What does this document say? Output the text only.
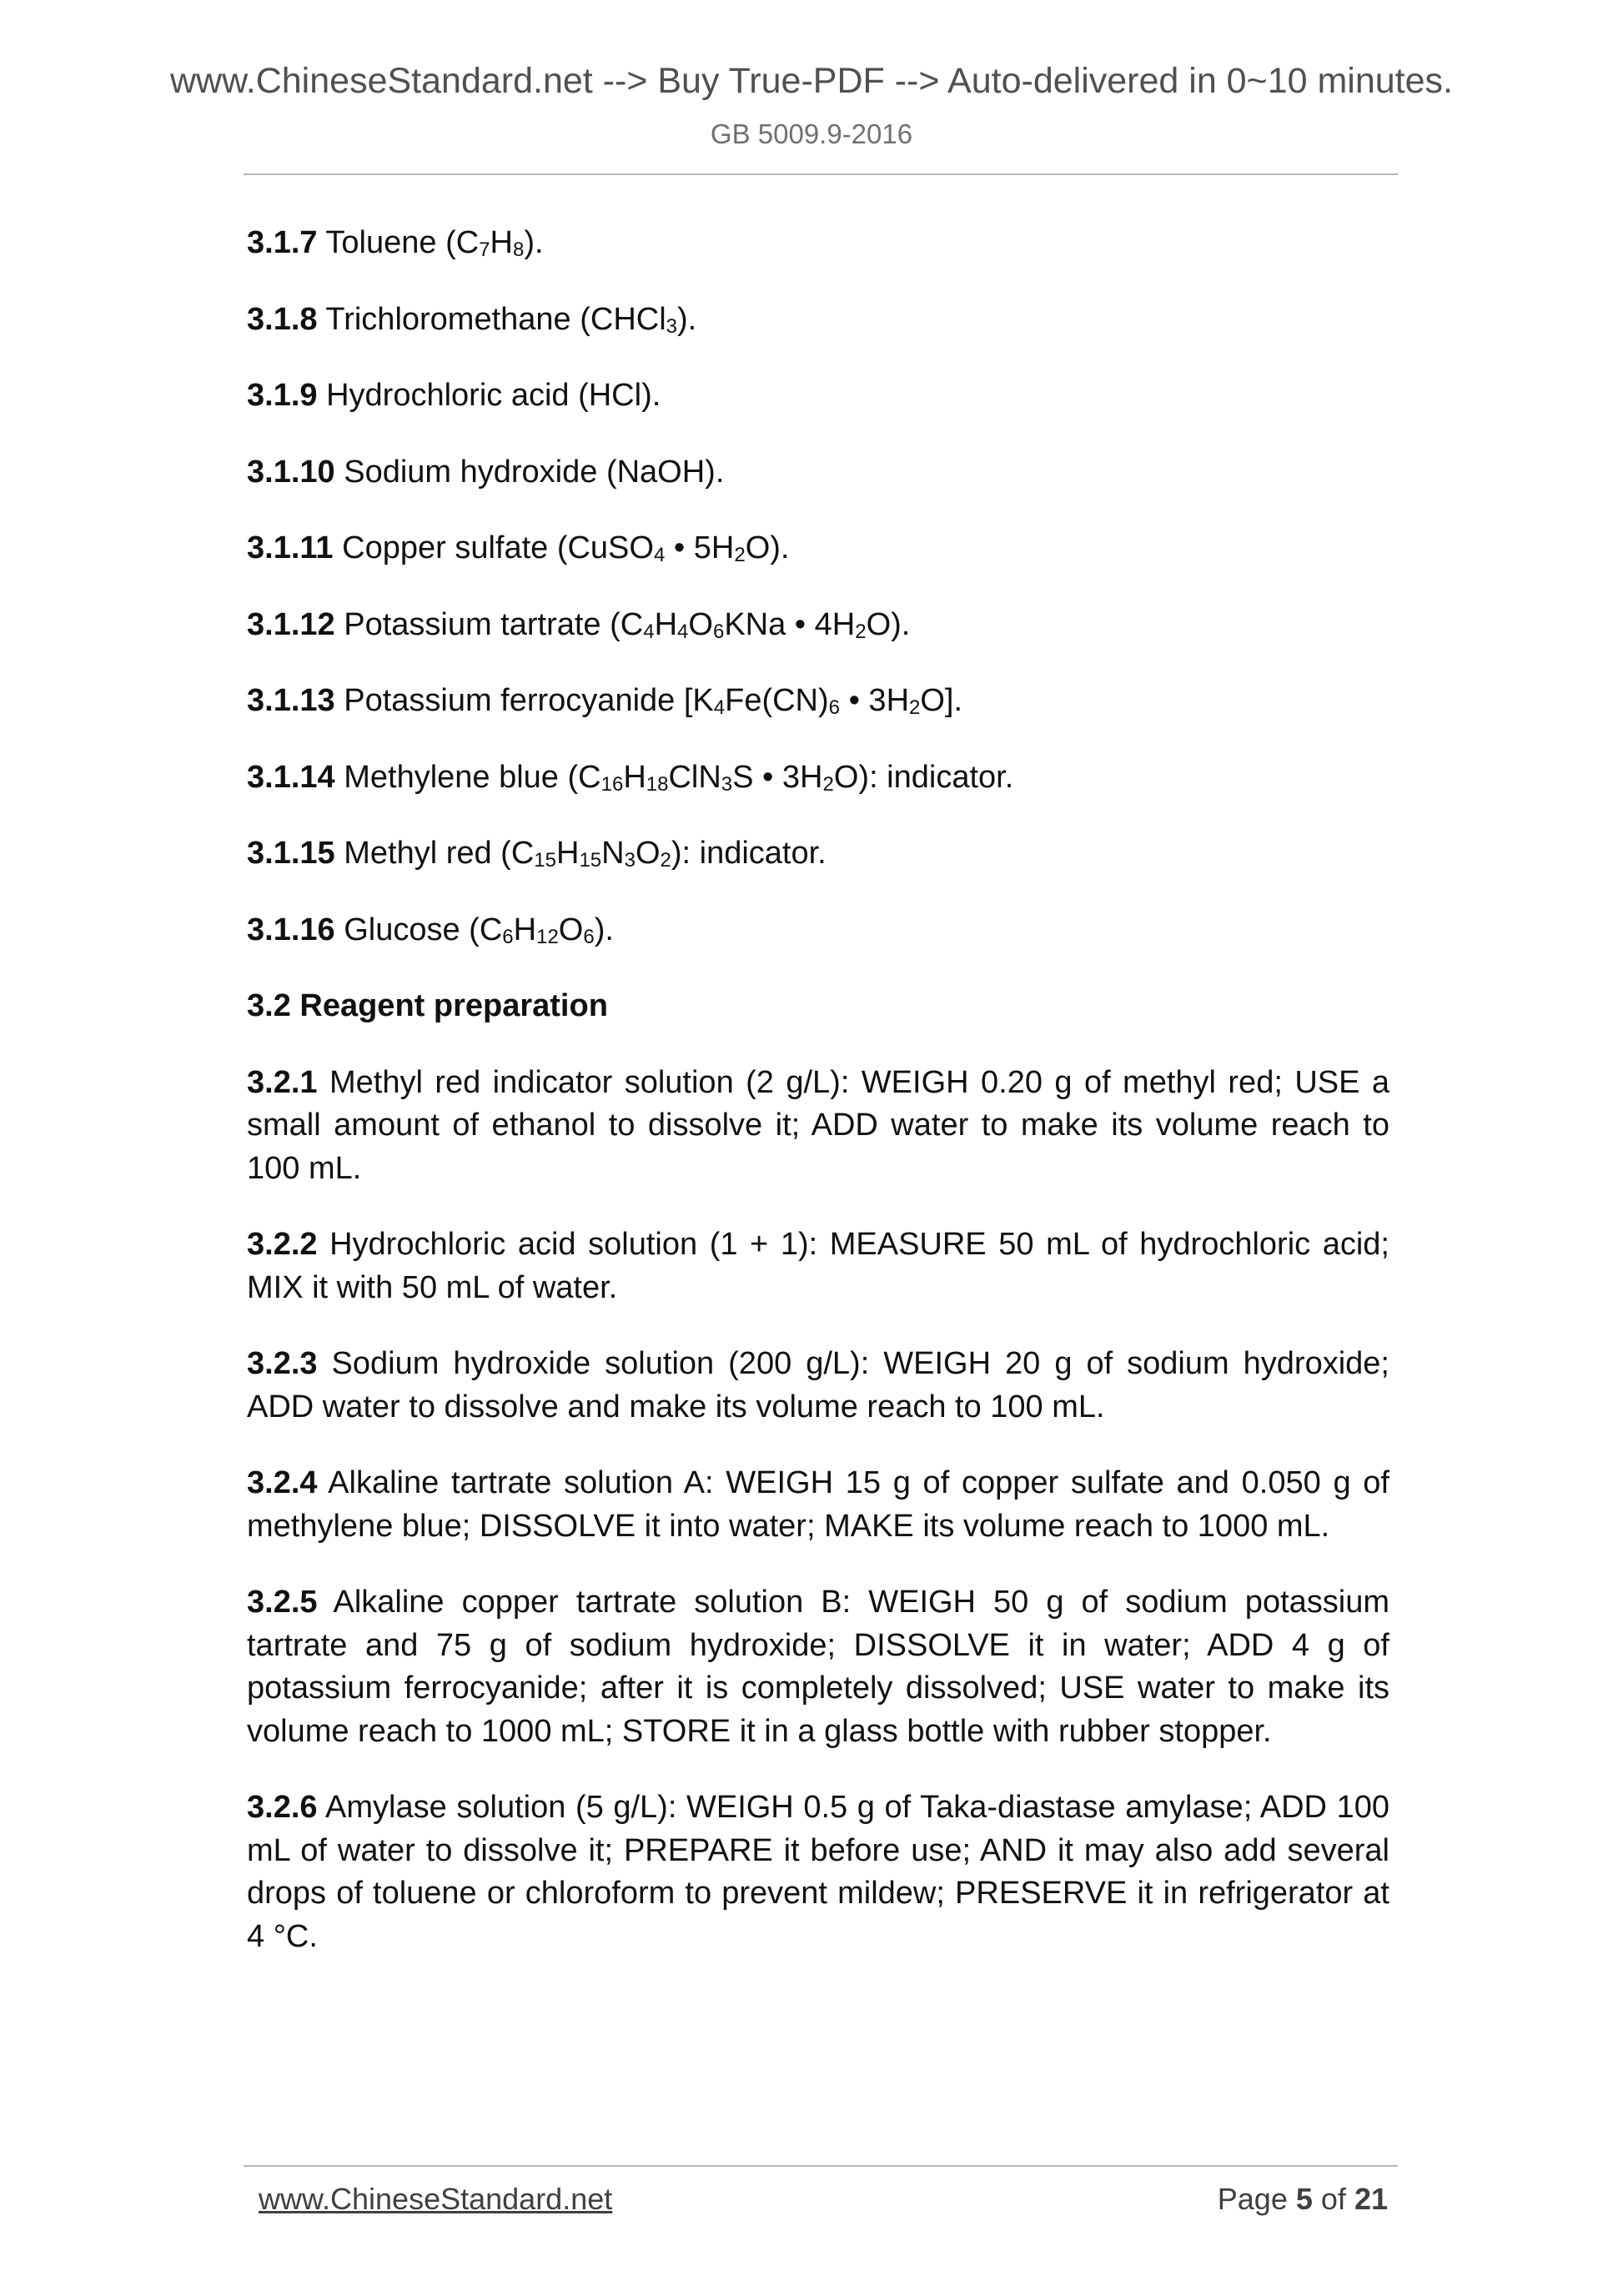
www.ChineseStandard.net --> Buy True-PDF --> Auto-delivered in 0~10 minutes.
GB 5009.9-2016
3.1.7 Toluene (C7H8).
3.1.8 Trichloromethane (CHCl3).
3.1.9 Hydrochloric acid (HCl).
3.1.10 Sodium hydroxide (NaOH).
3.1.11 Copper sulfate (CuSO4 • 5H2O).
3.1.12 Potassium tartrate (C4H4O6KNa • 4H2O).
3.1.13 Potassium ferrocyanide [K4Fe(CN)6 • 3H2O].
3.1.14 Methylene blue (C16H18ClN3S • 3H2O): indicator.
3.1.15 Methyl red (C15H15N3O2): indicator.
3.1.16 Glucose (C6H12O6).
3.2 Reagent preparation
3.2.1 Methyl red indicator solution (2 g/L): WEIGH 0.20 g of methyl red; USE a small amount of ethanol to dissolve it; ADD water to make its volume reach to 100 mL.
3.2.2 Hydrochloric acid solution (1 + 1): MEASURE 50 mL of hydrochloric acid; MIX it with 50 mL of water.
3.2.3 Sodium hydroxide solution (200 g/L): WEIGH 20 g of sodium hydroxide; ADD water to dissolve and make its volume reach to 100 mL.
3.2.4 Alkaline tartrate solution A: WEIGH 15 g of copper sulfate and 0.050 g of methylene blue; DISSOLVE it into water; MAKE its volume reach to 1000 mL.
3.2.5 Alkaline copper tartrate solution B: WEIGH 50 g of sodium potassium tartrate and 75 g of sodium hydroxide; DISSOLVE it in water; ADD 4 g of potassium ferrocyanide; after it is completely dissolved; USE water to make its volume reach to 1000 mL; STORE it in a glass bottle with rubber stopper.
3.2.6 Amylase solution (5 g/L): WEIGH 0.5 g of Taka-diastase amylase; ADD 100 mL of water to dissolve it; PREPARE it before use; AND it may also add several drops of toluene or chloroform to prevent mildew; PRESERVE it in refrigerator at 4 °C.
www.ChineseStandard.net	Page 5 of 21
